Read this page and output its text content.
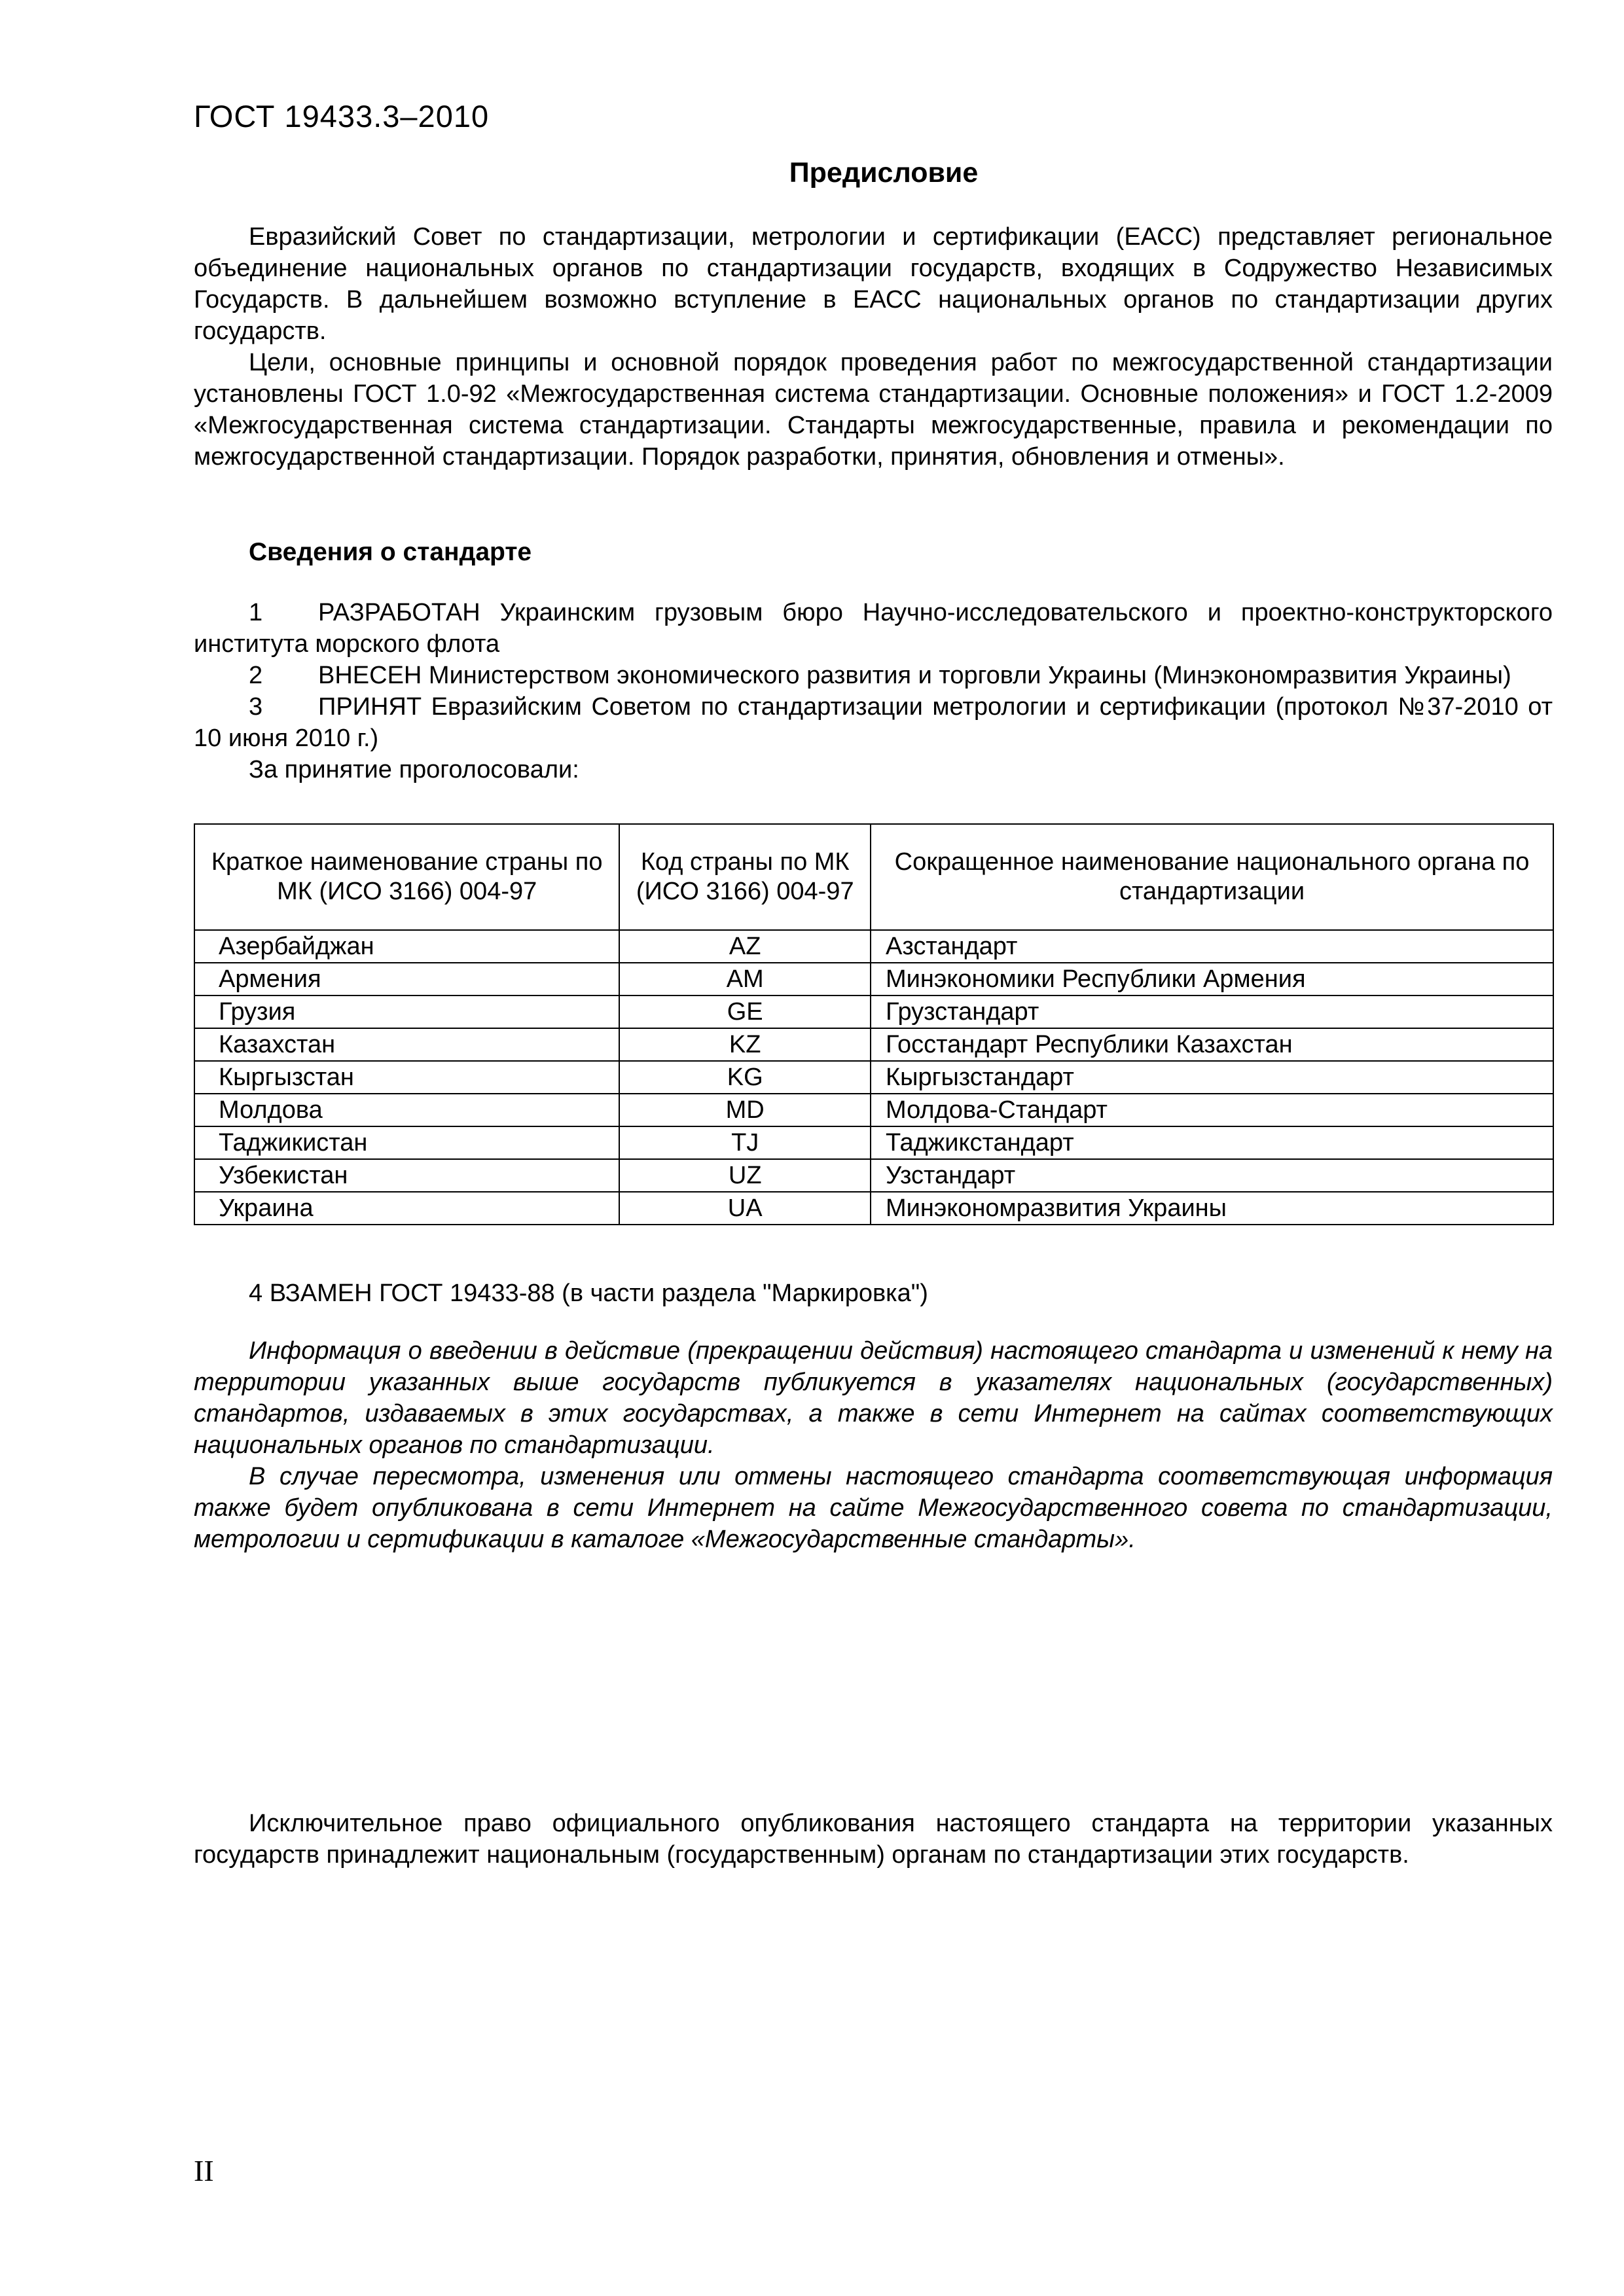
ГОСТ 19433.3–2010
Предисловие

Евразийский Совет по стандартизации, метрологии и сертификации (ЕАСС) представляет региональное объединение национальных органов по стандартизации государств, входящих в Содружество Независимых Государств. В дальнейшем возможно вступление в ЕАСС национальных органов по стандартизации других государств.

Цели, основные принципы и основной порядок проведения работ по межгосударственной стандартизации установлены ГОСТ 1.0-92 «Межгосударственная система стандартизации. Основные положения» и ГОСТ 1.2-2009 «Межгосударственная система стандартизации. Стандарты межгосударственные, правила и рекомендации по межгосударственной стандартизации. Порядок разработки, принятия, обновления и отмены».

Сведения о стандарте

1 РАЗРАБОТАН Украинским грузовым бюро Научно-исследовательского и проектно-конструкторского института морского флота

2 ВНЕСЕН Министерством экономического развития и торговли Украины (Минэкономразвития Украины)

3 ПРИНЯТ Евразийским Советом по стандартизации метрологии и сертификации (протокол №37-2010 от 10 июня 2010 г.)

За принятие проголосовали:

Краткое наименование страны по МК (ИСО 3166) 004-97	Код страны по МК (ИСО 3166) 004-97	Сокращенное наименование национального органа по стандартизации
Азербайджан	AZ	Азстандарт
Армения	AM	Минэкономики Республики Армения
Грузия	GE	Грузстандарт
Казахстан	KZ	Госстандарт Республики Казахстан
Кыргызстан	KG	Кыргызстандарт
Молдова	MD	Молдова-Стандарт
Таджикистан	TJ	Таджикстандарт
Узбекистан	UZ	Узстандарт
Украина	UA	Минэкономразвития Украины

4 ВЗАМЕН ГОСТ 19433-88 (в части раздела "Маркировка")

Информация о введении в действие (прекращении действия) настоящего стандарта и изменений к нему на территории указанных выше государств публикуется в указателях национальных (государственных) стандартов, издаваемых в этих государствах, а также в сети Интернет на сайтах соответствующих национальных органов по стандартизации.

В случае пересмотра, изменения или отмены настоящего стандарта соответствующая информация также будет опубликована в сети Интернет на сайте Межгосударственного совета по стандартизации, метрологии и сертификации в каталоге «Межгосударственные стандарты».

Исключительное право официального опубликования настоящего стандарта на территории указанных государств принадлежит национальным (государственным) органам по стандартизации этих государств.

II
